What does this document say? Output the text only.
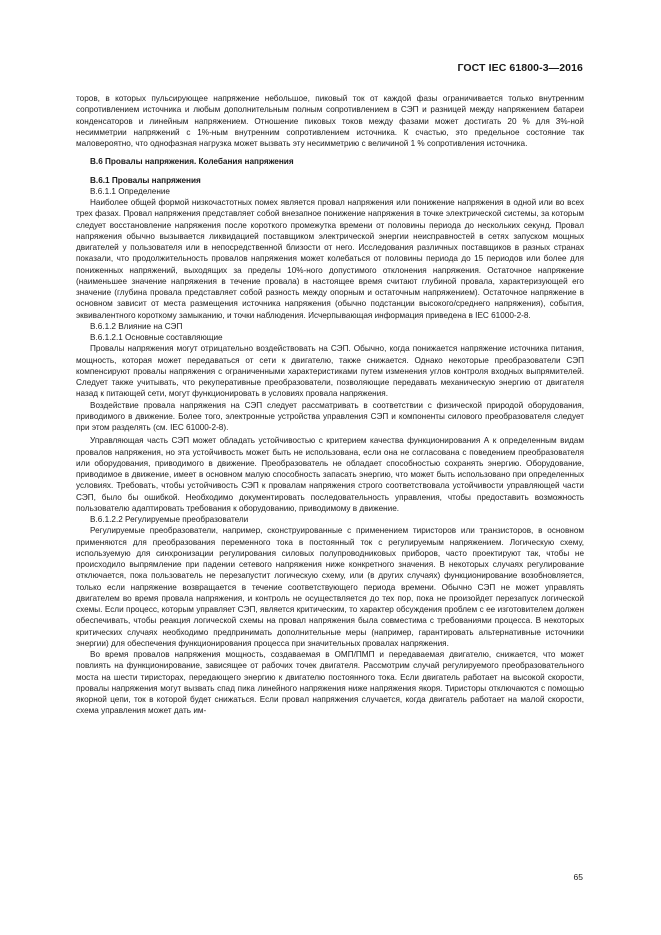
ГОСТ IEC 61800-3—2016

торов, в которых пульсирующее напряжение небольшое, пиковый ток от каждой фазы ограничивается только внутренним сопротивлением источника и любым дополнительным полным сопротивлением в СЭП и разницей между напряжением батареи конденсаторов и линейным напряжением. Отношение пиковых токов между фазами может достигать 20 % для 3%-ной несимметрии напряжений с 1%-ным внутренним сопротивлением источника. К счастью, это предельное состояние так маловероятно, что однофазная нагрузка может вызвать эту несимметрию с величиной 1 % сопротивления источника.

В.6 Провалы напряжения. Колебания напряжения

В.6.1 Провалы напряжения

В.6.1.1 Определение

Наиболее общей формой низкочастотных помех является провал напряжения или понижение напряжения в одной или во всех трех фазах. Провал напряжения представляет собой внезапное понижение напряжения в точке электрической системы, за которым следует восстановление напряжения после короткого промежутка времени от половины периода до нескольких секунд. Провал напряжения обычно вызывается ликвидацией поставщиком электрической энергии неисправностей в сетях запуском мощных двигателей у пользователя или в непосредственной близости от него. Исследования различных поставщиков в разных странах показали, что продолжительность провалов напряжения может колебаться от половины периода до 15 периодов или более для пониженных напряжений, выходящих за пределы 10%-ного допустимого отклонения напряжения. Остаточное напряжение (наименьшее значение напряжения в течение провала) в настоящее время считают глубиной провала, характеризующей его значение (глубина провала представляет собой разность между опорным и остаточным напряжением). Остаточное напряжение в основном зависит от места размещения источника напряжения (обычно подстанции высокого/среднего напряжения), события, эквивалентного короткому замыканию, и точки наблюдения. Исчерпывающая информация приведена в IEC 61000-2-8.

В.6.1.2 Влияние на СЭП

В.6.1.2.1 Основные составляющие

Провалы напряжения могут отрицательно воздействовать на СЭП. Обычно, когда понижается напряжение источника питания, мощность, которая может передаваться от сети к двигателю, также снижается. Однако некоторые преобразователи СЭП компенсируют провалы напряжения с ограниченными характеристиками путем изменения углов контроля входных выпрямителей. Следует также учитывать, что рекуперативные преобразователи, позволяющие передавать механическую энергию от двигателя назад к питающей сети, могут функционировать в условиях провала напряжения.

Воздействие провала напряжения на СЭП следует рассматривать в соответствии с физической природой оборудования, приводимого в движение. Более того, электронные устройства управления СЭП и компоненты силового преобразователя следует при этом разделять (см. IEC 61000-2-8).

Управляющая часть СЭП может обладать устойчивостью с критерием качества функционирования А к определенным видам провалов напряжения, но эта устойчивость может быть не использована, если она не согласована с поведением преобразователя или оборудования, приводимого в движение. Преобразователь не обладает способностью сохранять энергию. Оборудование, приводимое в движение, имеет в основном малую способность запасать энергию, что может быть использовано при определенных условиях. Требовать, чтобы устойчивость СЭП к провалам напряжения строго соответствовала устойчивости управляющей части СЭП, было бы ошибкой. Необходимо документировать последовательность управления, чтобы предоставить возможность пользователю адаптировать требования к оборудованию, приводимому в движение.

В.6.1.2.2 Регулируемые преобразователи

Регулируемые преобразователи, например, сконструированные с применением тиристоров или транзисторов, в основном применяются для преобразования переменного тока в постоянный ток с регулируемым напряжением. Логическую схему, используемую для синхронизации регулирования силовых полупроводниковых приборов, часто проектируют так, чтобы не происходило выпрямление при падении сетевого напряжения ниже конкретного значения. В некоторых случаях регулирование отключается, пока пользователь не перезапустит логическую схему, или (в других случаях) функционирование возобновляется, только если напряжение возвращается в течение соответствующего периода времени. Обычно СЭП не может управлять двигателем во время провала напряжения, и контроль не осуществляется до тех пор, пока не произойдет перезапуск логической схемы. Если процесс, которым управляет СЭП, является критическим, то характер обсуждения проблем с ее изготовителем должен обеспечивать, чтобы реакция логической схемы на провал напряжения была совместима с требованиями процесса. В некоторых критических случаях необходимо предпринимать дополнительные меры (например, гарантировать альтернативные источники энергии) для обеспечения функционирования процесса при значительных провалах напряжения.

Во время провалов напряжения мощность, создаваемая в ОМП/ПМП и передаваемая двигателю, снижается, что может повлиять на функционирование, зависящее от рабочих точек двигателя. Рассмотрим случай регулируемого преобразовательного моста на шести тиристорах, передающего энергию к двигателю постоянного тока. Если двигатель работает на высокой скорости, провалы напряжения могут вызвать спад пика линейного напряжения ниже напряжения якоря. Тиристоры отключаются с помощью якорной цепи, ток в которой будет снижаться. Если провал напряжения случается, когда двигатель работает на малой скорости, схема управления может дать им-

65
